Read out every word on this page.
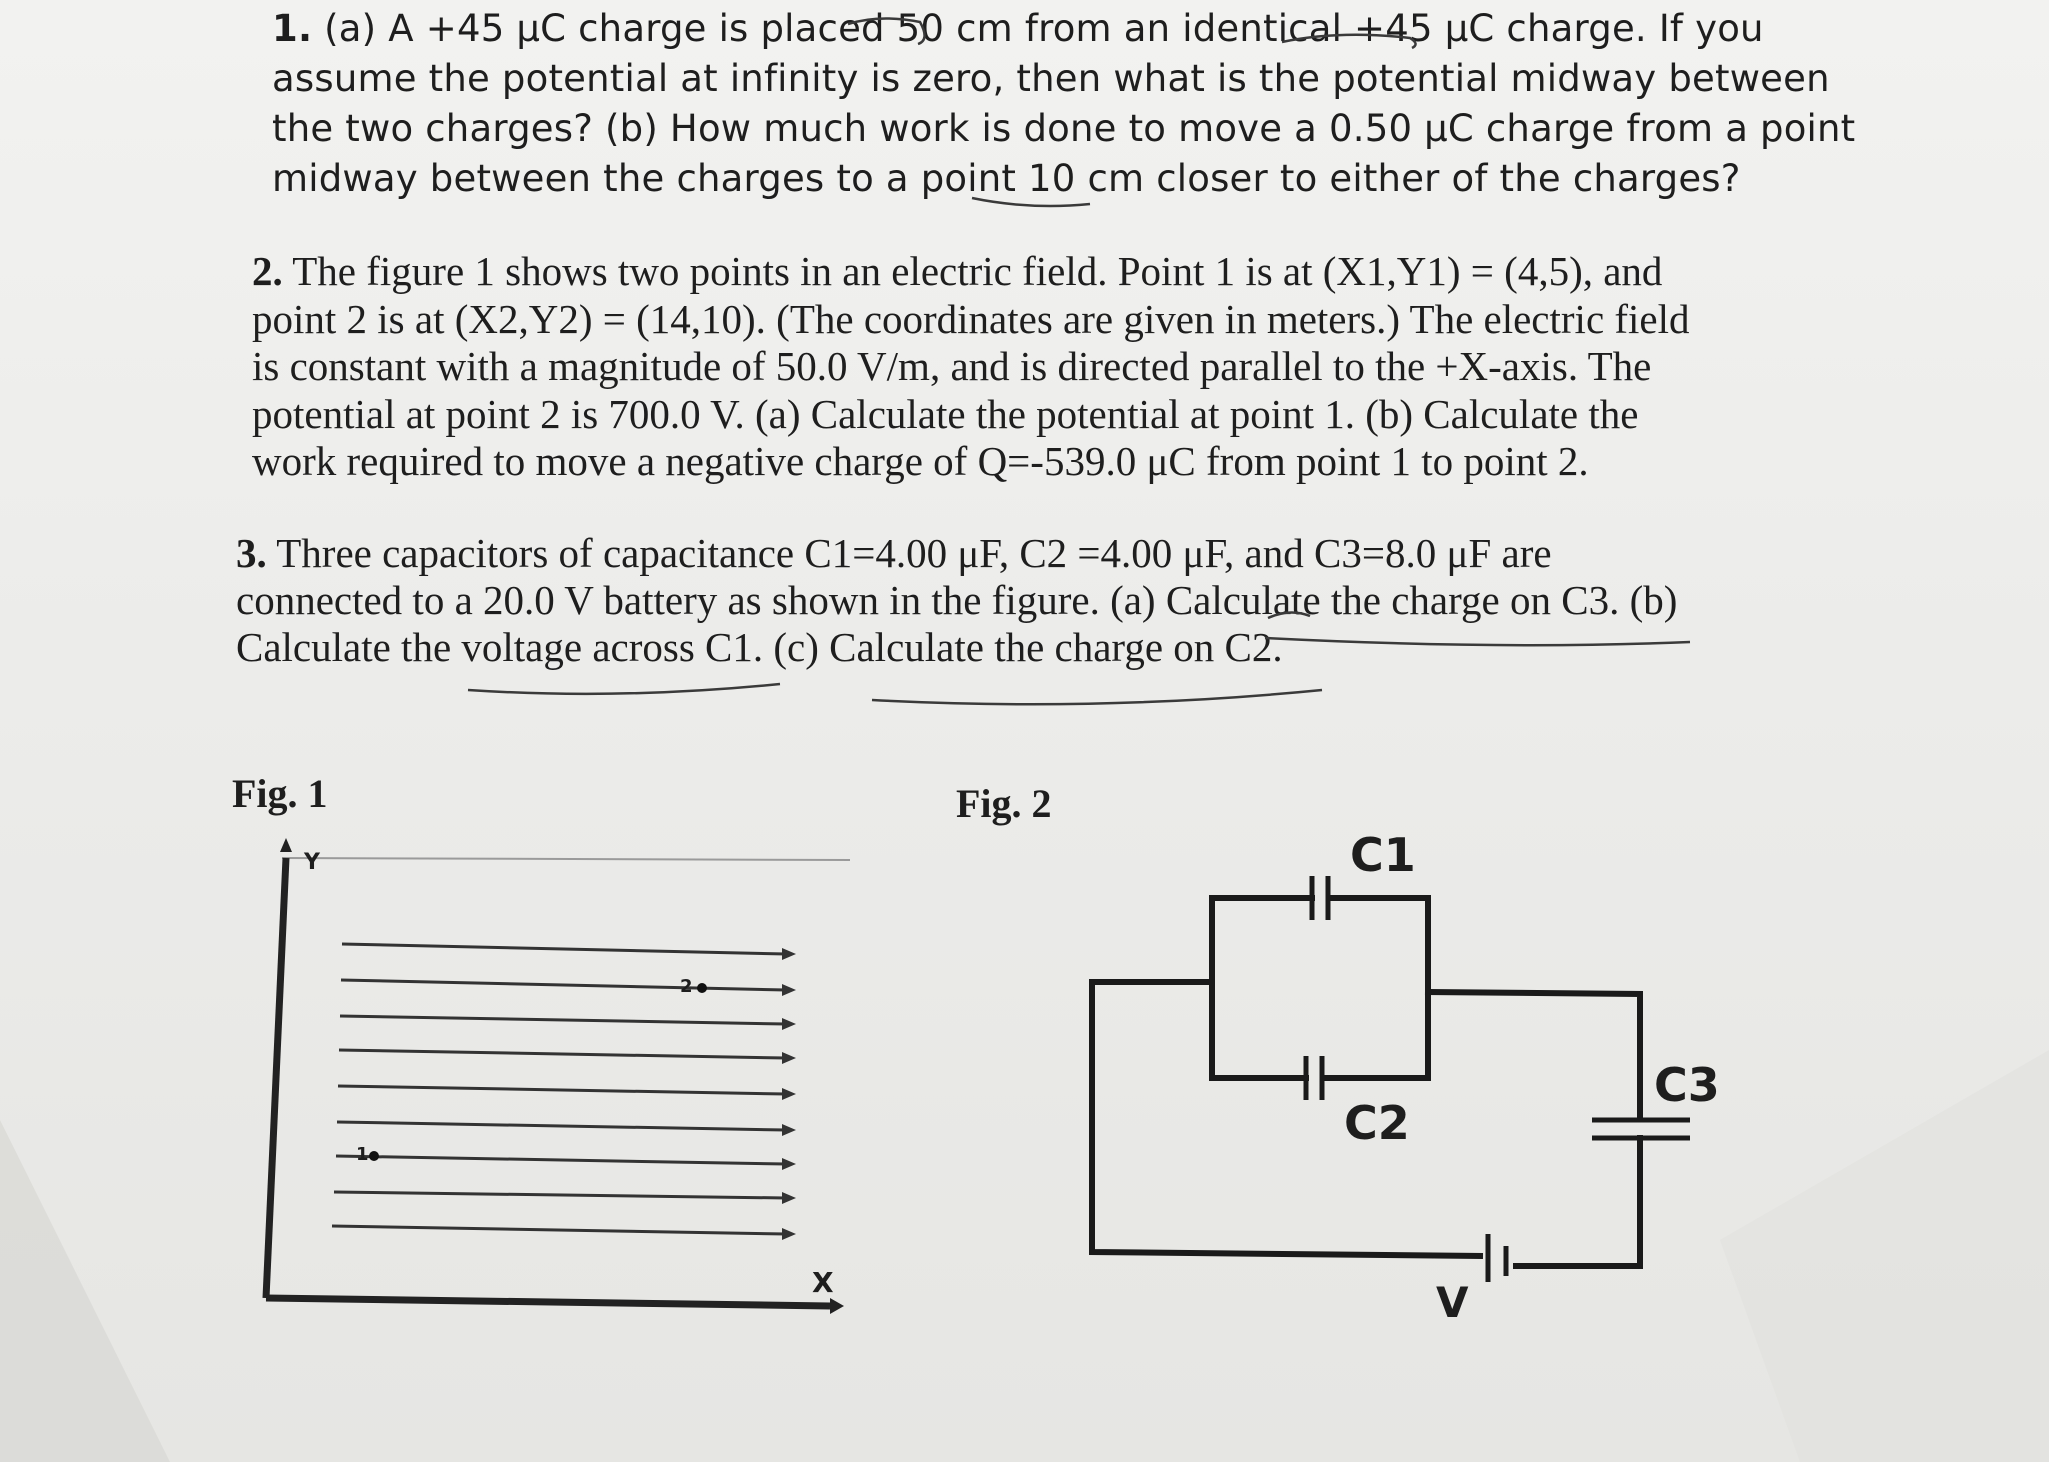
1. (a) A +45 μC charge is placed 50 cm from an identical +45 μC charge. If you

assume the potential at infinity is zero, then what is the potential midway between

the two charges? (b) How much work is done to move a 0.50 μC charge from a point

midway between the charges to a point 10 cm closer to either of the charges?

2. The figure 1 shows two points in an electric field. Point 1 is at (X1,Y1) = (4,5), and

point 2 is at (X2,Y2) = (14,10). (The coordinates are given in meters.) The electric field

is constant with a magnitude of 50.0 V/m, and is directed parallel to the +X-axis. The

potential at point 2 is 700.0 V. (a) Calculate the potential at point 1. (b) Calculate the

work required to move a negative charge of Q=-539.0 μC from point 1 to point 2.

3. Three capacitors of capacitance C1=4.00 μF, C2 =4.00 μF, and C3=8.0 μF are

connected to a 20.0 V battery as shown in the figure. (a) Calculate the charge on C3. (b)

Calculate the voltage across C1. (c) Calculate the charge on C2.

Fig. 1	Fig. 2

Y

X

1

2

C1

C2

C3

V
